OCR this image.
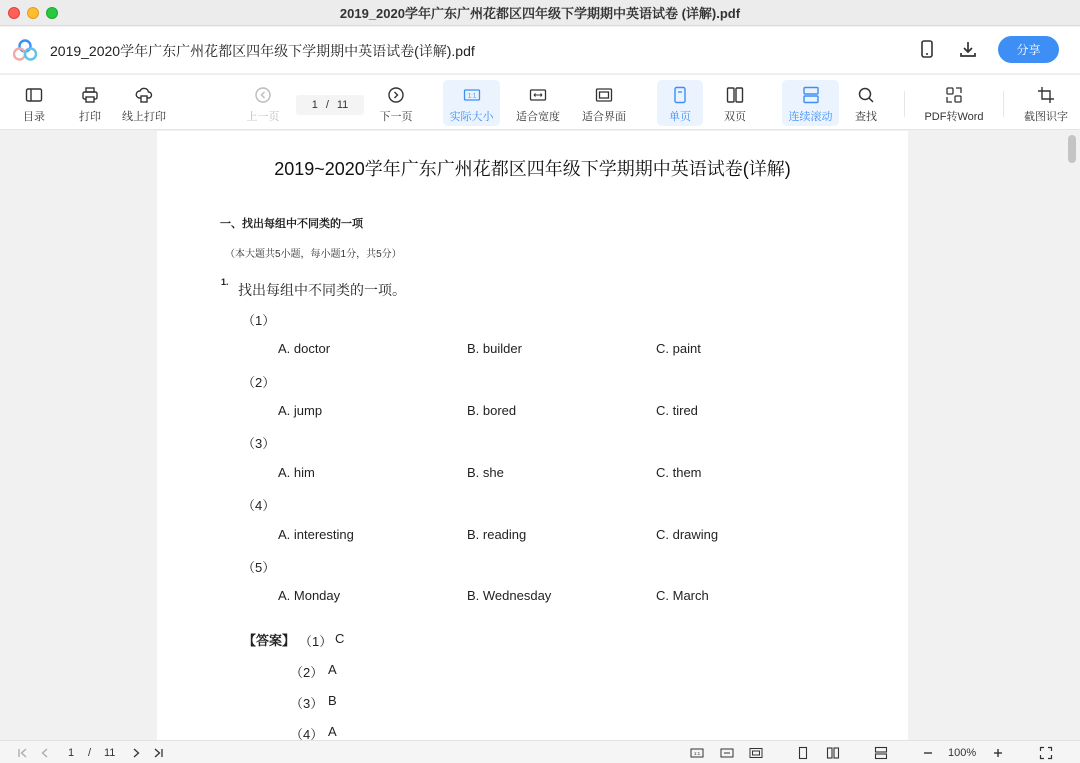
2019_2020学年广东广州花都区四年级下学期期中英语试卷 (详解).pdf
2019_2020学年广东广州花都区四年级下学期期中英语试卷(详解).pdf	分享
目录	打印 线上打印	上一页
1 / 11
下一页
1:1
实际大小 适合宽度 适合界面	单页	双页	连续滚动 查找	PDF转Word	截图识字
2019~2020学年广东广州花都区四年级下学期期中英语试卷(详解)
一、找出每组中不同类的一项
（本大题共5小题，每小题1分，共5分）
1. 找出每组中不同类的一项。
（1）
A. doctor	B. builder	C. paint
（2）
A. jump	B. bored	C. tired
（3）
A. him	B. she	C. them
（4）
A. interesting	B. reading	C. drawing
（5）
A. Monday	B. Wednesday	C. March
【答案】 （1） C
（2） A
（3） B
（4） A
1 / 11	1:1	100%
